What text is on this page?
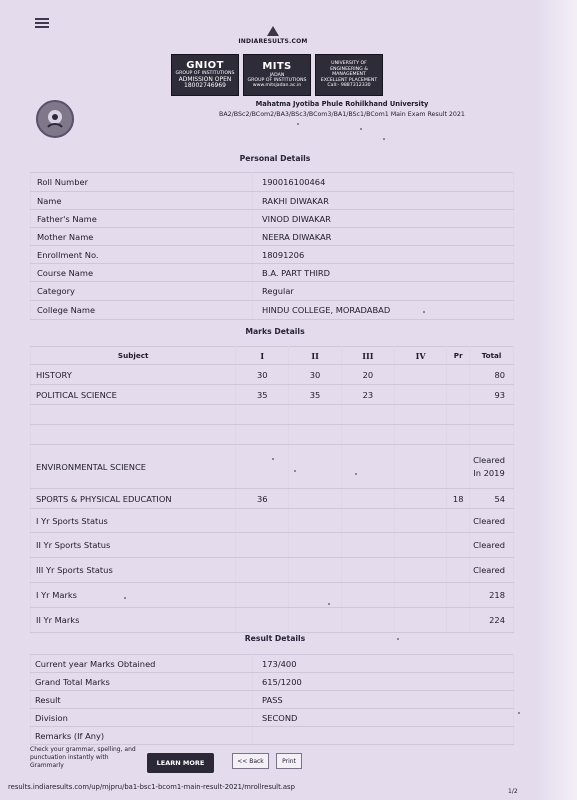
INDIARESULTS.COM
GNIOT
GROUP OF INSTITUTIONS
ADMISSION OPEN
18002746969
MITS
JADAN
GROUP OF INSTITUTIONS
www.mitsjadan.ac.in
UNIVERSITY OF ENGINEERING & MANAGEMENT
EXCELLENT PLACEMENT
Call:- 9887312330
Mahatma Jyotiba Phule Rohilkhand University
BA2/BSc2/BCom2/BA3/BSc3/BCom3/BA1/BSc1/BCom1 Main Exam Result 2021
Personal Details
Roll Number	190016100464
Name	RAKHI DIWAKAR
Father's Name	VINOD DIWAKAR
Mother Name	NEERA DIWAKAR
Enrollment No.	18091206
Course Name	B.A. PART THIRD
Category	Regular
College Name	HINDU COLLEGE, MORADABAD
Marks Details
Subject	I	II	III	IV	Pr	Total
HISTORY	30	30	20			80
POLITICAL SCIENCE	35	35	23			93

ENVIRONMENTAL SCIENCE						Cleared In 2019
SPORTS & PHYSICAL EDUCATION	36				18	54
I Yr Sports Status						Cleared
II Yr Sports Status						Cleared
III Yr Sports Status						Cleared
I Yr Marks						218
II Yr Marks						224
Result Details
Current year Marks Obtained	173/400
Grand Total Marks	615/1200
Result	PASS
Division	SECOND
Remarks (If Any)	
Check your grammar, spelling, and punctuation instantly with Grammarly	LEARN MORE	<< Back	Print
results.indiaresults.com/up/mjpru/ba1-bsc1-bcom1-main-result-2021/mrollresult.asp
1/2
